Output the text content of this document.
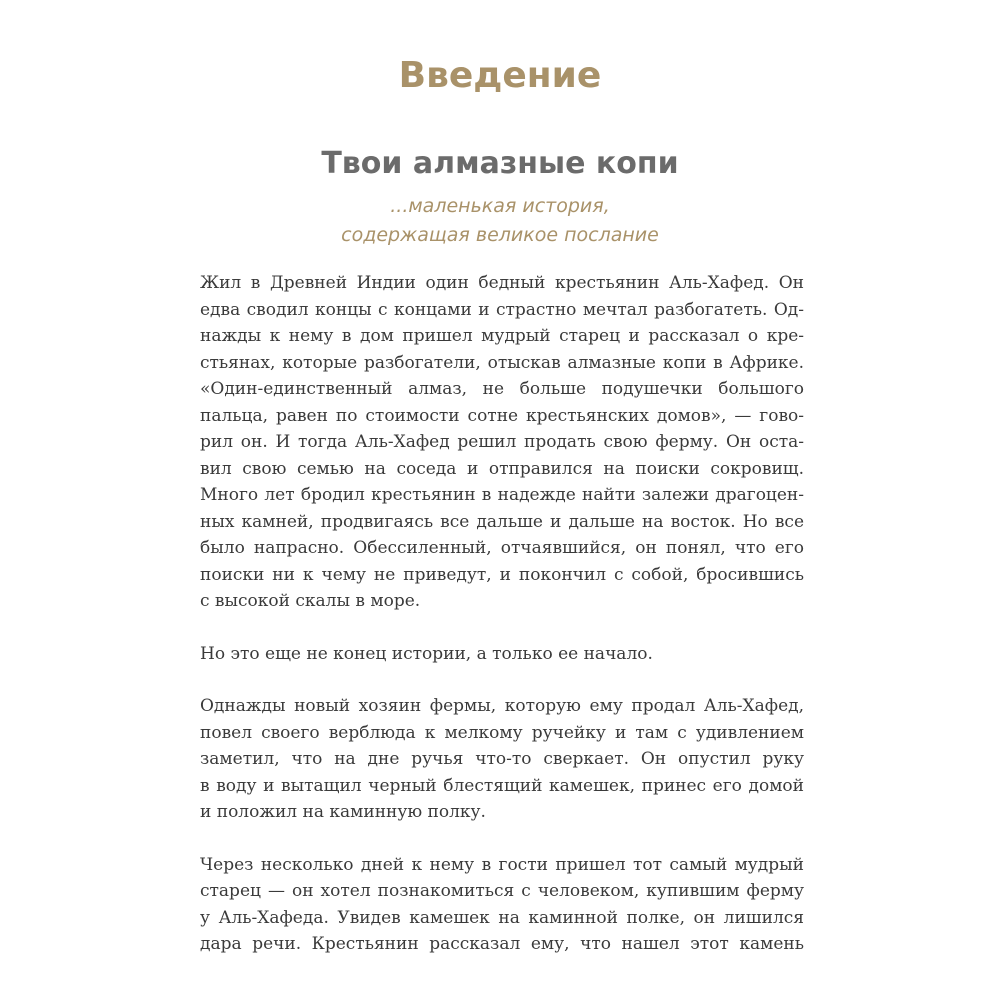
Введение
Твои алмазные копи
...маленькая история,
содержащая великое послание
Жил в Древней Индии один бедный крестьянин Аль-Хафед. Он
едва сводил концы с концами и страстно мечтал разбогатеть. Од-
нажды к нему в дом пришел мудрый старец и рассказал о кре-
стьянах, которые разбогатели, отыскав алмазные копи в Африке.
«Один-единственный алмаз, не больше подушечки большого
пальца, равен по стоимости сотне крестьянских домов», — гово-
рил он. И тогда Аль-Хафед решил продать свою ферму. Он оста-
вил свою семью на соседа и отправился на поиски сокровищ.
Много лет бродил крестьянин в надежде найти залежи драгоцен-
ных камней, продвигаясь все дальше и дальше на восток. Но все
было напрасно. Обессиленный, отчаявшийся, он понял, что его
поиски ни к чему не приведут, и покончил с собой, бросившись
с высокой скалы в море.
Но это еще не конец истории, а только ее начало.
Однажды новый хозяин фермы, которую ему продал Аль-Хафед,
повел своего верблюда к мелкому ручейку и там с удивлением
заметил, что на дне ручья что-то сверкает. Он опустил руку
в воду и вытащил черный блестящий камешек, принес его домой
и положил на каминную полку.
Через несколько дней к нему в гости пришел тот самый мудрый
старец — он хотел познакомиться с человеком, купившим ферму
у Аль-Хафеда. Увидев камешек на каминной полке, он лишился
дара речи. Крестьянин рассказал ему, что нашел этот камень
